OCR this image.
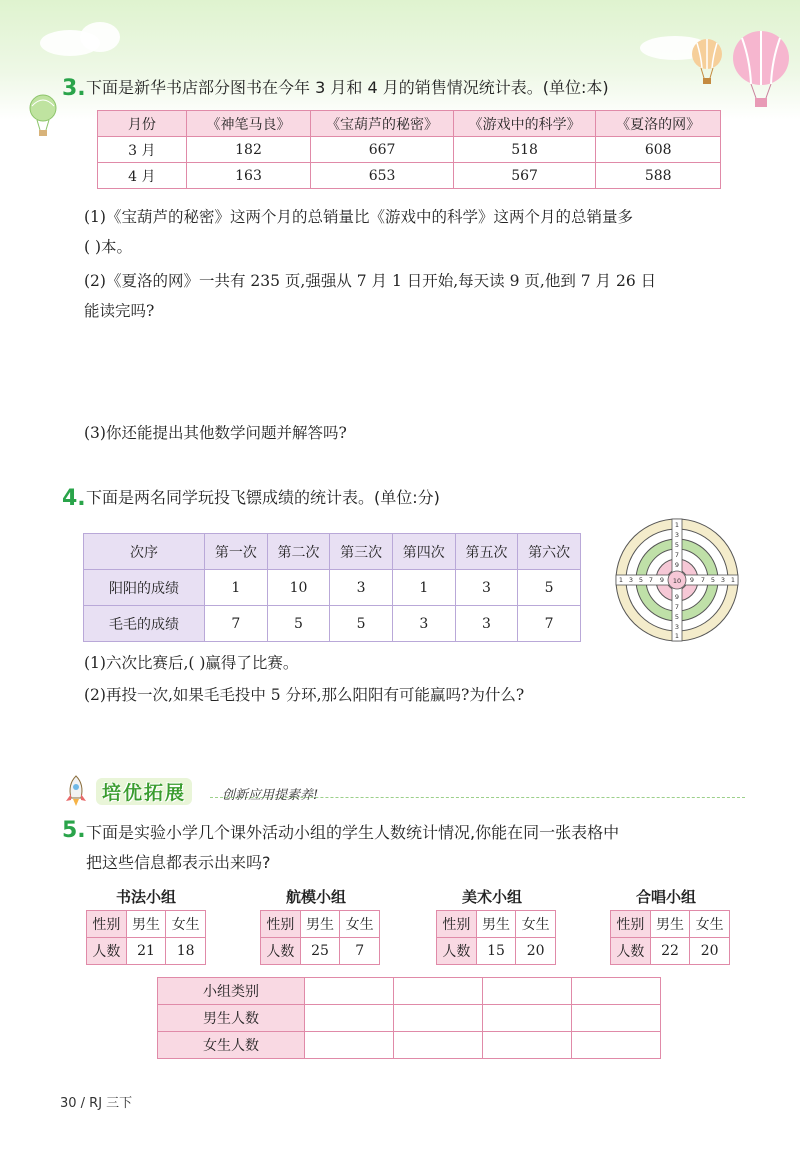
3. 下面是新华书店部分图书在今年 3 月和 4 月的销售情况统计表。(单位:本)
月份	《神笔马良》	《宝葫芦的秘密》	《游戏中的科学》	《夏洛的网》
3 月	182	667	518	608
4 月	163	653	567	588
(1)《宝葫芦的秘密》这两个月的总销量比《游戏中的科学》这两个月的总销量多
( )本。
(2)《夏洛的网》一共有 235 页,强强从 7 月 1 日开始,每天读 9 页,他到 7 月 26 日
能读完吗?
(3)你还能提出其他数学问题并解答吗?
4. 下面是两名同学玩投飞镖成绩的统计表。(单位:分)
次序	第一次	第二次	第三次	第四次	第五次	第六次
阳阳的成绩	1	10	3	1	3	5
毛毛的成绩	7	5	5	3	3	7
1
3
5
7
9
10
9
7
5
3
1
1 3 5 7 9	9 7 5 3 1
(1)六次比赛后,( )赢得了比赛。
(2)再投一次,如果毛毛投中 5 分环,那么阳阳有可能赢吗?为什么?
培优拓展	创新应用提素养!
5. 下面是实验小学几个课外活动小组的学生人数统计情况,你能在同一张表格中
把这些信息都表示出来吗?
书法小组
性别	男生	女生
人数	21	18
航模小组
性别	男生	女生
人数	25	7
美术小组
性别	男生	女生
人数	15	20
合唱小组
性别	男生	女生
人数	22	20
小组类别				
男生人数				
女生人数				
30 / RJ 三下
